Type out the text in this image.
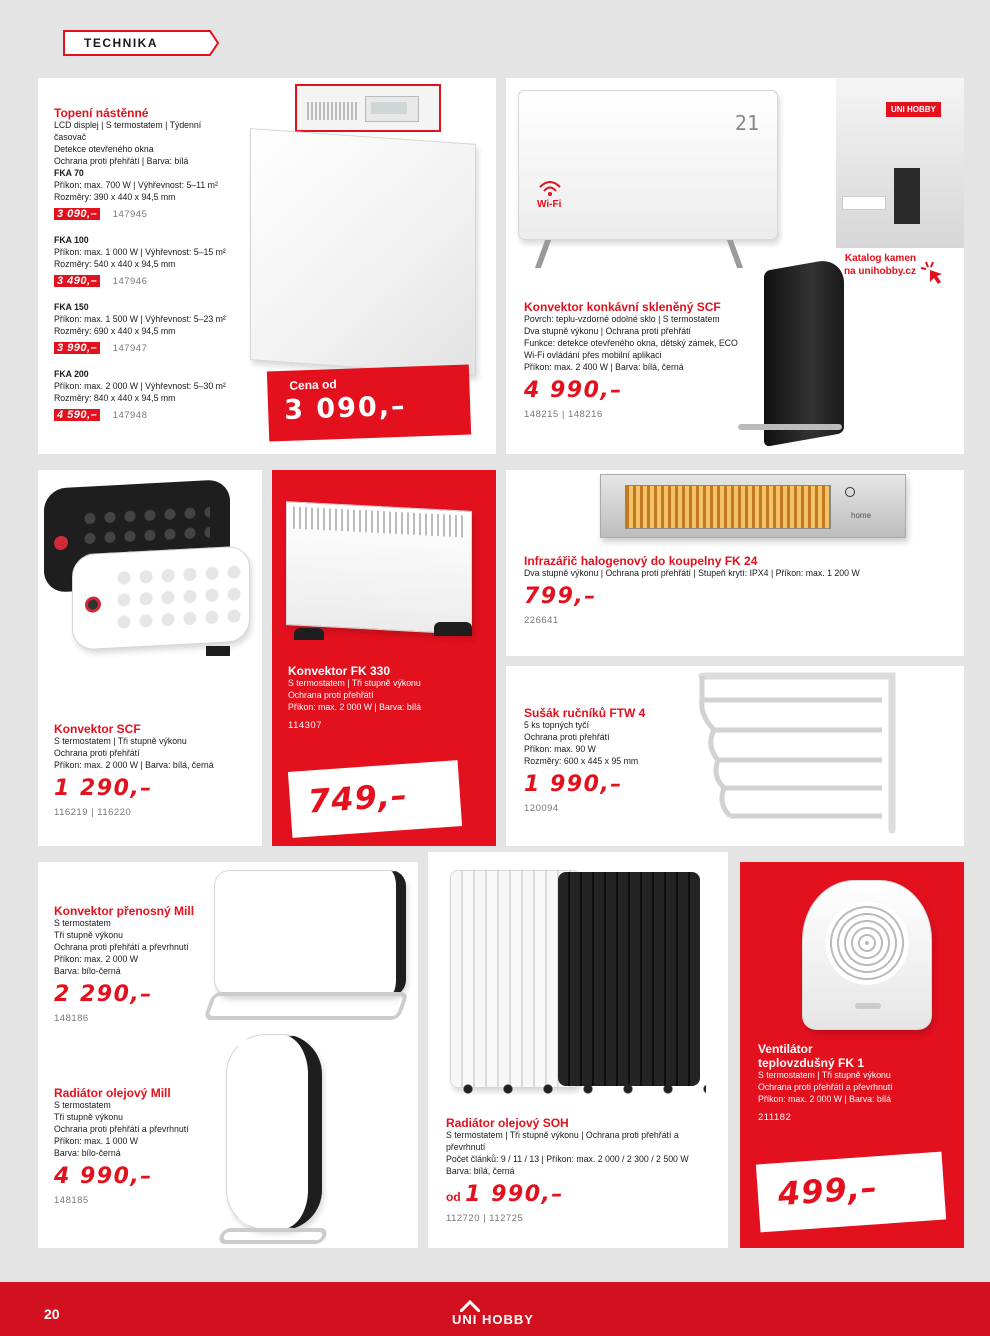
TECHNIKA
Cena od
3 090,–
Topení nástěnné
LCD displej | S termostatem | Týdenní časovač
Detekce otevřeného okna
Ochrana proti přehřátí | Barva: bílá
FKA 70
Příkon: max. 700 W | Výhřevnost: 5–11 m²
Rozměry: 390 x 440 x 94,5 mm
3 090,– 147945
FKA 100
Příkon: max. 1 000 W | Výhřevnost: 5–15 m²
Rozměry: 540 x 440 x 94,5 mm
3 490,– 147946
FKA 150
Příkon: max. 1 500 W | Výhřevnost: 5–23 m²
Rozměry: 690 x 440 x 94,5 mm
3 990,– 147947
FKA 200
Příkon: max. 2 000 W | Výhřevnost: 5–30 m²
Rozměry: 840 x 440 x 94,5 mm
4 590,– 147948
21
Wi-Fi
UNI HOBBY
Katalog kamen na unihobby.cz
Konvektor konkávní skleněný SCF
Povrch: teplu-vzdorné odolné sklo | S termostatem
Dva stupně výkonu | Ochrana proti přehřátí
Funkce: detekce otevřeného okna, dětský zámek, ECO
Wi-Fi ovládání přes mobilní aplikaci
Příkon: max. 2 400 W | Barva: bílá, černá
4 990,–
148215 | 148216
Konvektor SCF
S termostatem | Tři stupně výkonu
Ochrana proti přehřátí
Příkon: max. 2 000 W | Barva: bílá, černá
1 290,–
116219 | 116220
Konvektor FK 330
S termostatem | Tři stupně výkonu
Ochrana proti přehřátí
Příkon: max. 2 000 W | Barva: bílá
114307
749,–
home
Infrazářič halogenový do koupelny FK 24
Dva stupně výkonu | Ochrana proti přehřátí | Stupeň krytí: IPX4 | Příkon: max. 1 200 W
799,–
226641
Sušák ručníků FTW 4
5 ks topných tyčí
Ochrana proti přehřátí
Příkon: max. 90 W
Rozměry: 600 x 445 x 95 mm
1 990,–
120094
Konvektor přenosný Mill
S termostatem
Tři stupně výkonu
Ochrana proti přehřátí a převrhnutí
Příkon: max. 2 000 W
Barva: bílo-černá
2 290,–
148186
Radiátor olejový Mill
S termostatem
Tři stupně výkonu
Ochrana proti přehřátí a převrhnutí
Příkon: max. 1 000 W
Barva: bílo-černá
4 990,–
148185
Radiátor olejový SOH
S termostatem | Tři stupně výkonu | Ochrana proti přehřátí a převrhnutí
Počet článků: 9 / 11 / 13 | Příkon: max. 2 000 / 2 300 / 2 500 W
Barva: bílá, černá
od 1 990,–
112720 | 112725
Ventilátor teplovzdušný FK 1
S termostatem | Tři stupně výkonu
Ochrana proti přehřátí a převrhnutí
Příkon: max. 2 000 W | Barva: bílá
211182
499,–
20	UNI HOBBY
